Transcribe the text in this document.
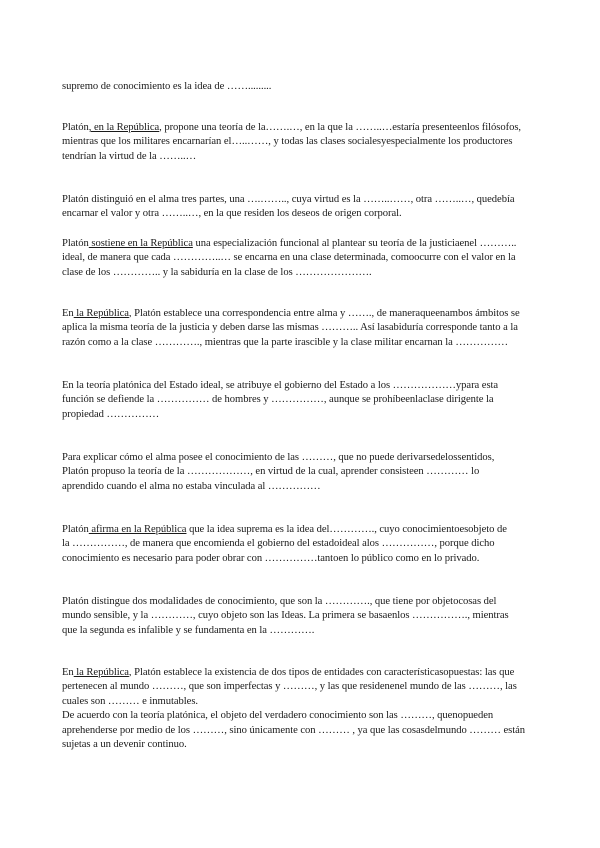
supremo de conocimiento es la idea de …….........
Platón, en la República, propone una teoría de la…….…, en la que la ……..…estaría presenteenlos filósofos,
mientras que los militares encarnarían el…..……, y todas las clases socialesyespecialmente los productores
tendrían la virtud de la ……..…
Platón distinguió en el alma tres partes, una ….…….., cuya virtud es la ……..……, otra ……..…, quedebía
encarnar el valor y otra ……..…, en la que residen los deseos de origen corporal.
Platón sostiene en la República una especialización funcional al plantear su teoría de la justiciaenel ………..
ideal, de manera que cada …………..… se encarna en una clase determinada, comoocurre con el valor en la
clase de los ………….. y la sabiduría en la clase de los ………………….
En la República, Platón establece una correspondencia entre alma y ……., de maneraqueenambos ámbitos se
aplica la misma teoría de la justicia y deben darse las mismas ……….. Así lasabiduría corresponde tanto a la
razón como a la clase …………., mientras que la parte irascible y la clase militar encarnan la ……………
En la teoría platónica del Estado ideal, se atribuye el gobierno del Estado a los ………………ypara esta
función se defiende la …………… de hombres y ……………, aunque se prohíbeenlaclase dirigente la
propiedad ……………
Para explicar cómo el alma posee el conocimiento de las ………, que no puede derivarsedelossentidos,
Platón propuso la teoría de la ………………, en virtud de la cual, aprender consisteen ………… lo
aprendido cuando el alma no estaba vinculada al ……………
Platón afirma en la República que la idea suprema es la idea del…………., cuyo conocimientoesobjeto de
la ……………, de manera que encomienda el gobierno del estadoideal alos ……………, porque dicho
conocimiento es necesario para poder obrar con ……………tantoen lo público como en lo privado.
Platón distingue dos modalidades de conocimiento, que son la …………., que tiene por objetocosas del
mundo sensible, y la …………, cuyo objeto son las Ideas. La primera se basaenlos ……………., mientras
que la segunda es infalible y se fundamenta en la ………….
En la República, Platón establece la existencia de dos tipos de entidades con característicasopuestas: las que
pertenecen al mundo ………, que son imperfectas y ………, y las que residenenel mundo de las ………, las
cuales son ……… e inmutables.
De acuerdo con la teoría platónica, el objeto del verdadero conocimiento son las ………, quenopueden
aprehenderse por medio de los ………, sino únicamente con ……… , ya que las cosasdelmundo ……… están
sujetas a un devenir continuo.
